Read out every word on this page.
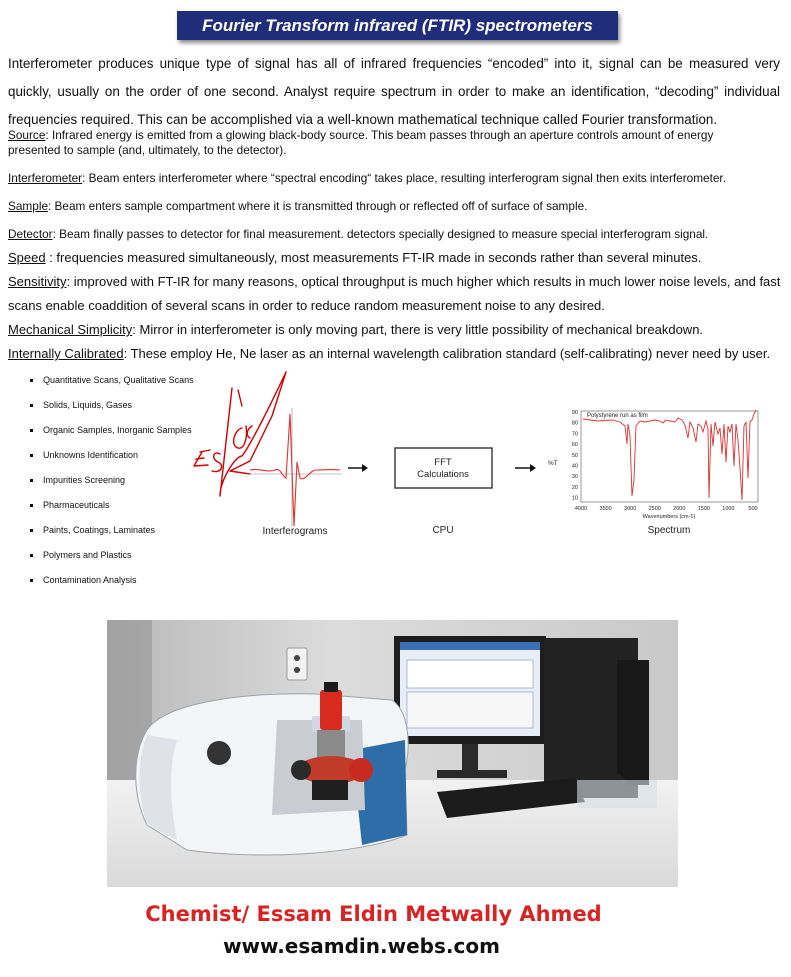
Fourier Transform infrared (FTIR) spectrometers

Interferometer produces unique type of signal has all of infrared frequencies “encoded” into it, signal can be measured very quickly, usually on the order of one second. Analyst require spectrum in order to make an identification, “decoding” individual frequencies required. This can be accomplished via a well-known mathematical technique called Fourier transformation.

Source: Infrared energy is emitted from a glowing black-body source. This beam passes through an aperture controls amount of energy presented to sample (and, ultimately, to the detector).

Interferometer: Beam enters interferometer where “spectral encoding“ takes place, resulting interferogram signal then exits interferometer.

Sample: Beam enters sample compartment where it is transmitted through or reflected off of surface of sample.

Detector: Beam finally passes to detector for final measurement. detectors specially designed to measure special interferogram signal.

Speed : frequencies measured simultaneously, most measurements FT-IR made in seconds rather than several minutes.

Sensitivity: improved with FT-IR for many reasons, optical throughput is much higher which results in much lower noise levels, and fast scans enable coaddition of several scans in order to reduce random measurement noise to any desired.

Mechanical Simplicity: Mirror in interferometer is only moving part, there is very little possibility of mechanical breakdown.

Internally Calibrated: These employ He, Ne laser as an internal wavelength calibration standard (self-calibrating) never need by user.

Quantitative Scans, Qualitative Scans
Solids, Liquids, Gases
Organic Samples, Inorganic Samples
Unknowns Identification
Impurities Screening
Pharmaceuticals
Paints, Coatings, Laminates
Polymers and Plastics
Contamination Analysis
Interferograms
FFT
Calculations
CPU
%T
Polystyrene run as film
90
80
70
60
50
40
30
20
10
4000 3500 3000 2500 2000 1500 1000	500
Wavenumbers (cm-1)
Spectrum
Chemist/ Essam Eldin Metwally Ahmed
www.esamdin.webs.com
